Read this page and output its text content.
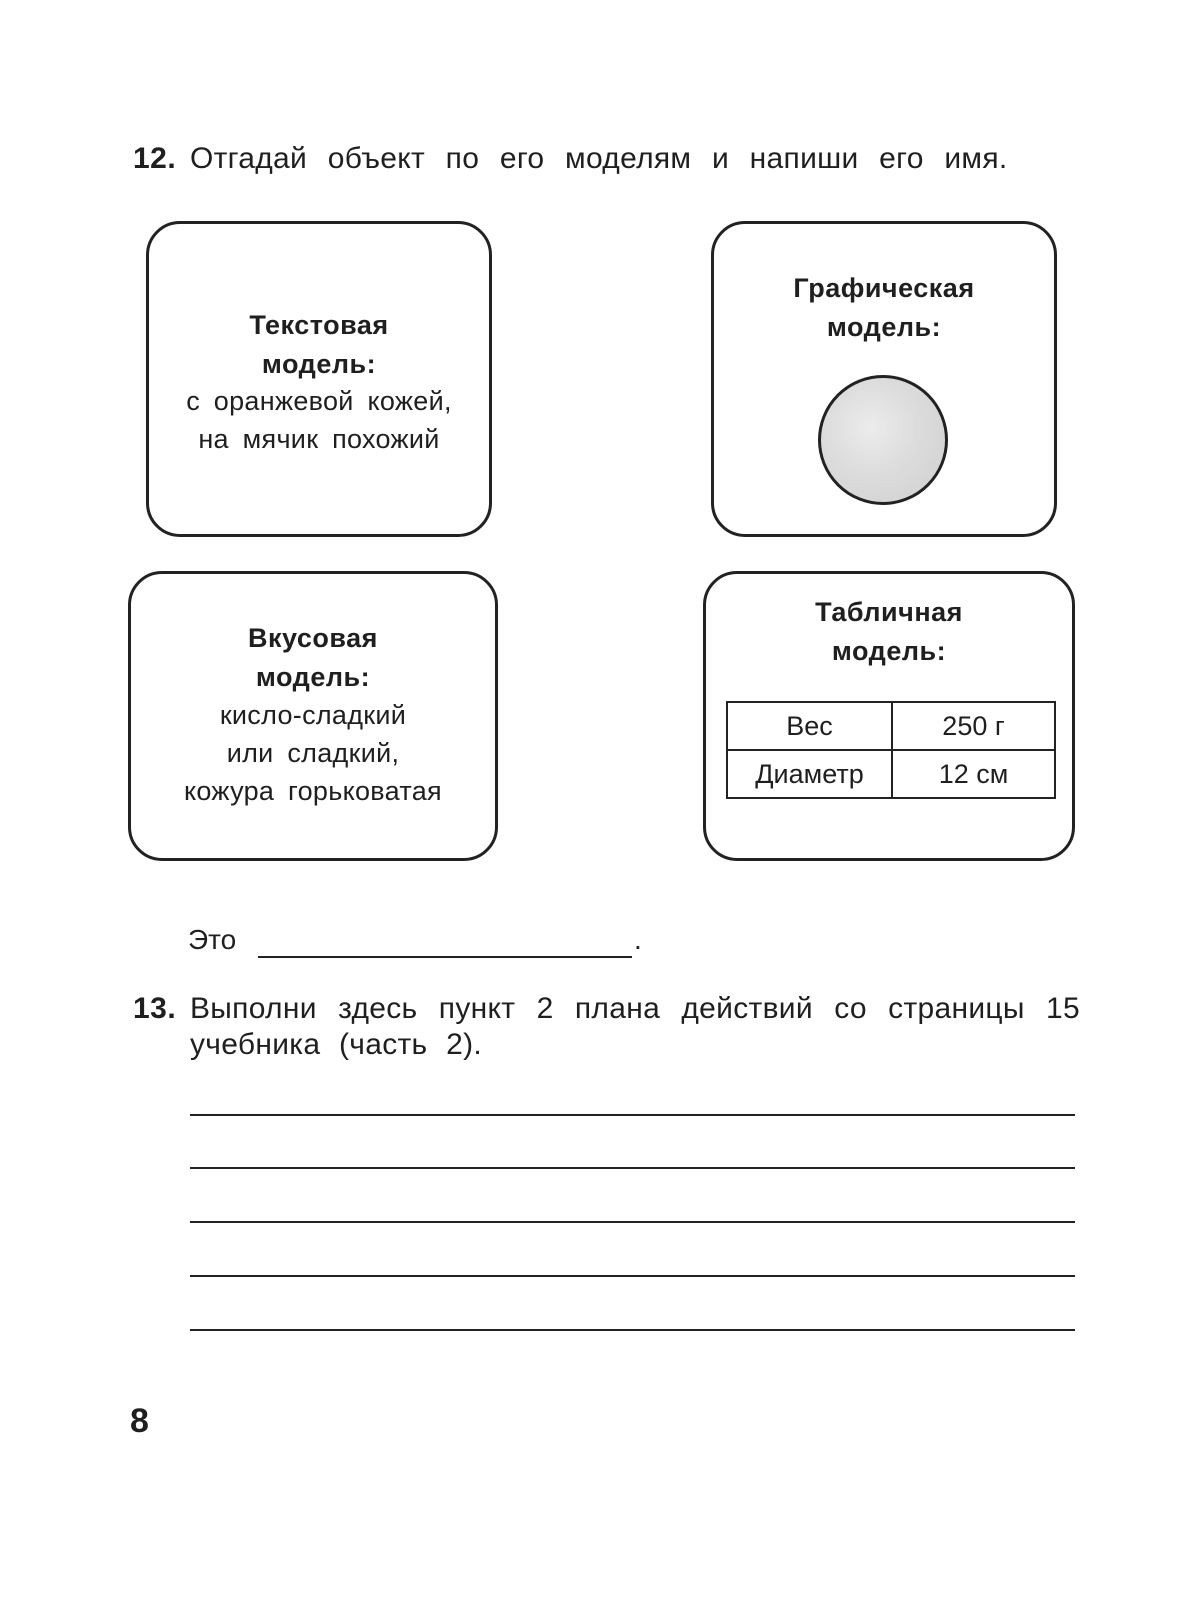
12. Отгадай объект по его моделям и напиши его имя.
Текстовая
модель:
с оранжевой кожей,
на мячик похожий
Графическая
модель:
Вкусовая
модель:
кисло-сладкий
или сладкий,
кожура горьковатая
Табличная
модель:
Вес	250 г
Диаметр	12 см
Это	.
13. Выполни здесь пункт 2 плана действий со страницы 15
учебника (часть 2).
8
